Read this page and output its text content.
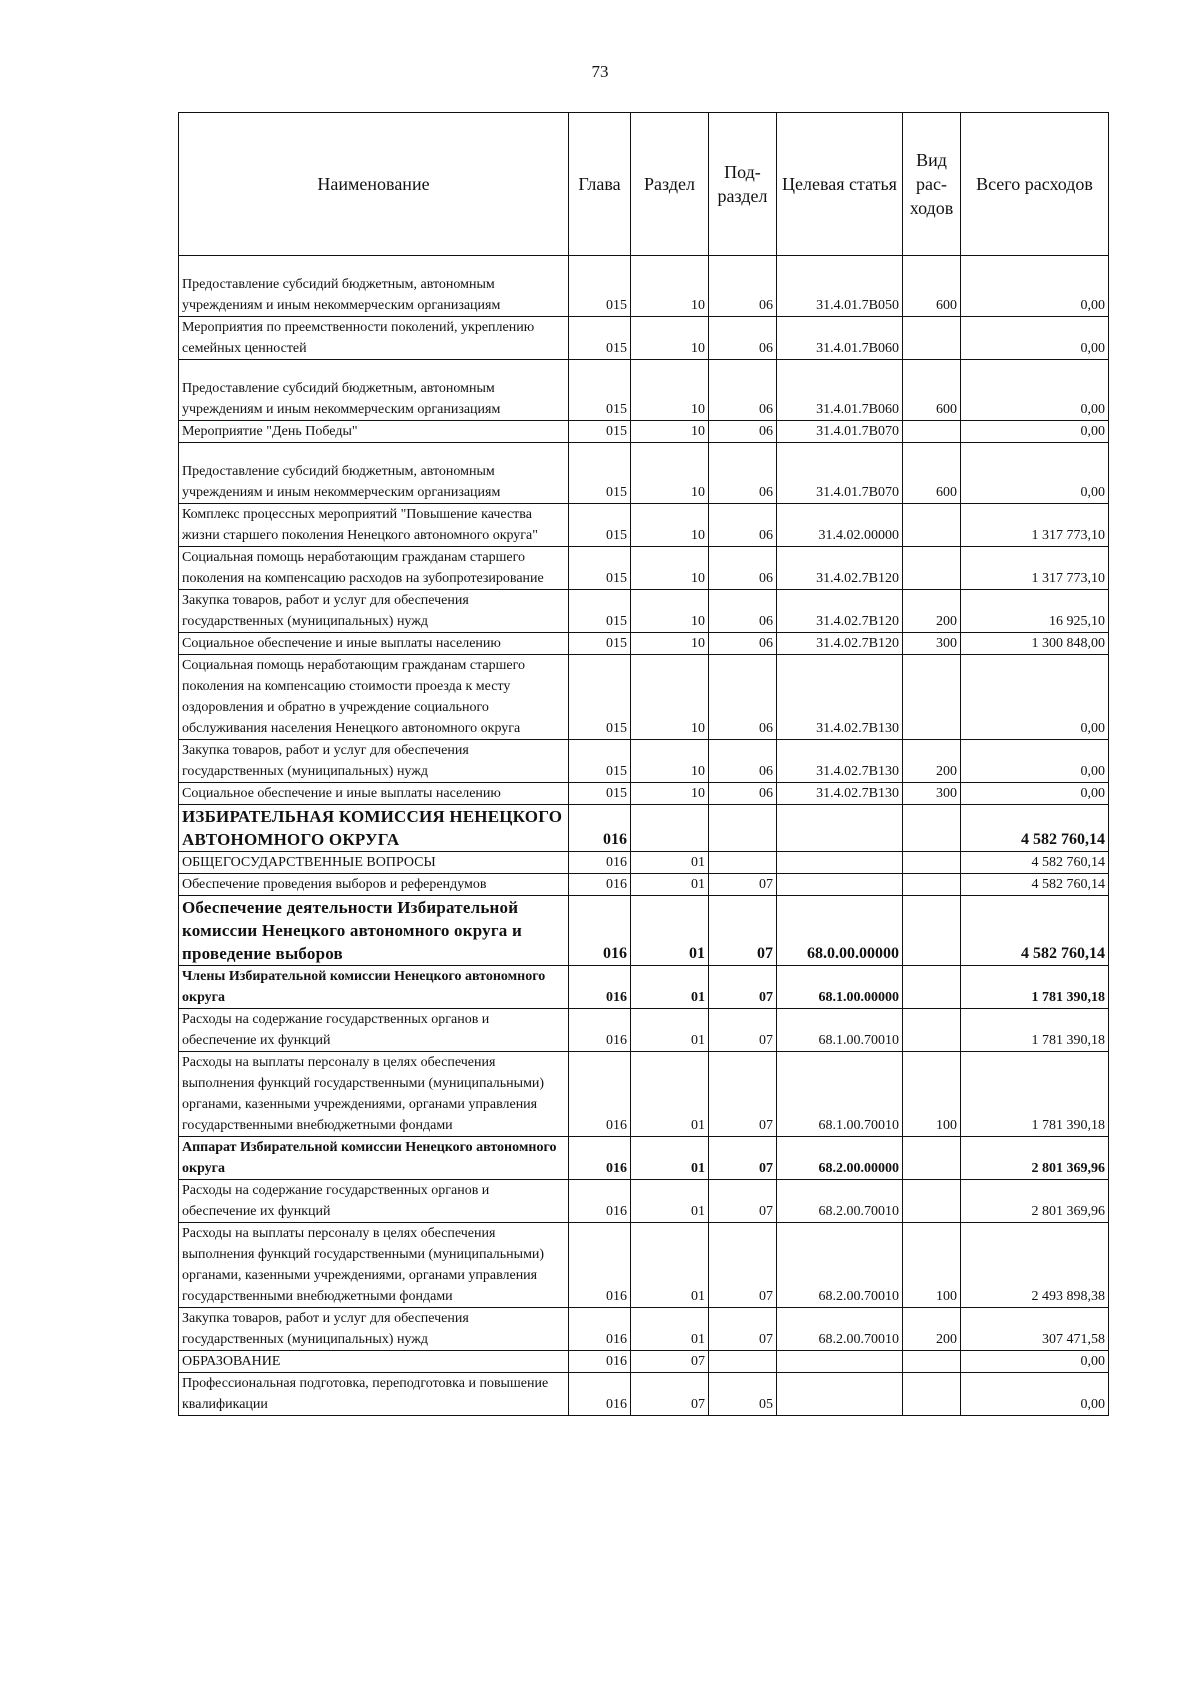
73
Наименование	Глава	Раздел	Под-раздел	Целевая статья	Вид рас-ходов	Всего расходов
Предоставление субсидий бюджетным, автономным учреждениям и иным некоммерческим организациям	015	10	06	31.4.01.7В050	600	0,00
Мероприятия по преемственности поколений, укреплению семейных ценностей	015	10	06	31.4.01.7В060		0,00
Предоставление субсидий бюджетным, автономным учреждениям и иным некоммерческим организациям	015	10	06	31.4.01.7В060	600	0,00
Мероприятие "День Победы"	015	10	06	31.4.01.7В070		0,00
Предоставление субсидий бюджетным, автономным учреждениям и иным некоммерческим организациям	015	10	06	31.4.01.7В070	600	0,00
Комплекс процессных мероприятий "Повышение качества жизни старшего поколения Ненецкого автономного округа"	015	10	06	31.4.02.00000		1 317 773,10
Социальная помощь неработающим гражданам старшего поколения на компенсацию расходов на зубопротезирование	015	10	06	31.4.02.7В120		1 317 773,10
Закупка товаров, работ и услуг для обеспечения государственных (муниципальных) нужд	015	10	06	31.4.02.7В120	200	16 925,10
Социальное обеспечение и иные выплаты населению	015	10	06	31.4.02.7В120	300	1 300 848,00
Социальная помощь неработающим гражданам старшего поколения на компенсацию стоимости проезда к месту оздоровления и обратно в учреждение социального обслуживания населения Ненецкого автономного округа	015	10	06	31.4.02.7В130		0,00
Закупка товаров, работ и услуг для обеспечения государственных (муниципальных) нужд	015	10	06	31.4.02.7В130	200	0,00
Социальное обеспечение и иные выплаты населению	015	10	06	31.4.02.7В130	300	0,00
ИЗБИРАТЕЛЬНАЯ КОМИССИЯ НЕНЕЦКОГО АВТОНОМНОГО ОКРУГА	016					4 582 760,14
ОБЩЕГОСУДАРСТВЕННЫЕ ВОПРОСЫ	016	01				4 582 760,14
Обеспечение проведения выборов и референдумов	016	01	07			4 582 760,14
Обеспечение деятельности Избирательной комиссии Ненецкого автономного округа и проведение выборов	016	01	07	68.0.00.00000		4 582 760,14
Члены Избирательной комиссии Ненецкого автономного округа	016	01	07	68.1.00.00000		1 781 390,18
Расходы на содержание государственных органов и обеспечение их функций	016	01	07	68.1.00.70010		1 781 390,18
Расходы на выплаты персоналу в целях обеспечения выполнения функций государственными (муниципальными) органами, казенными учреждениями, органами управления государственными внебюджетными фондами	016	01	07	68.1.00.70010	100	1 781 390,18
Аппарат Избирательной комиссии Ненецкого автономного округа	016	01	07	68.2.00.00000		2 801 369,96
Расходы на содержание государственных органов и обеспечение их функций	016	01	07	68.2.00.70010		2 801 369,96
Расходы на выплаты персоналу в целях обеспечения выполнения функций государственными (муниципальными) органами, казенными учреждениями, органами управления государственными внебюджетными фондами	016	01	07	68.2.00.70010	100	2 493 898,38
Закупка товаров, работ и услуг для обеспечения государственных (муниципальных) нужд	016	01	07	68.2.00.70010	200	307 471,58
ОБРАЗОВАНИЕ	016	07				0,00
Профессиональная подготовка, переподготовка и повышение квалификации	016	07	05			0,00
